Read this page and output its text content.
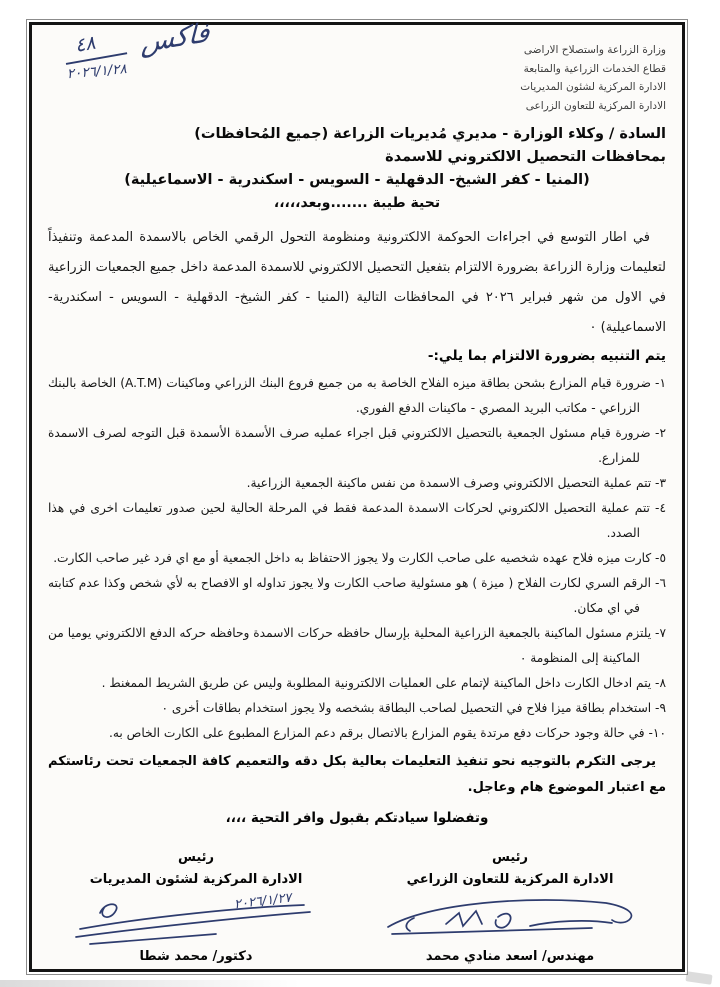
فاكس
$\frac{٤٨}{٢٠٢٦/١/٢٨}$	وزارة الزراعة واستصلاح الاراضى
قطاع الخدمات الزراعية والمتابعة
الادارة المركزية لشئون المديريات
الادارة المركزية للتعاون الزراعى
السادة / وكلاء الوزارة - مديري مُديريات الزراعة (جميع المُحافظات)
بمحافظات التحصيل الالكتروني للاسمدة
(المنيا - كفر الشيخ- الدقهلية - السويس - اسكندرية - الاسماعيلية)
تحية طيبة .......وبعد،،،،،
في اطار التوسع في اجراءات الحوكمة الالكترونية ومنظومة التحول الرقمي الخاص بالاسمدة المدعمة وتنفيذاً لتعليمات وزارة الزراعة بضرورة الالتزام بتفعيل التحصيل الالكتروني للاسمدة المدعمة داخل جميع الجمعيات الزراعية في الاول من شهر فبراير ٢٠٢٦ في المحافظات التالية (المنيا - كفر الشيخ- الدقهلية - السويس - اسكندرية- الاسماعيلية) ٠
يتم التنبيه بضرورة الالتزام بما يلي:-
١- ضرورة قيام المزارع بشحن بطاقة ميزه الفلاح الخاصة به من جميع فروع البنك الزراعي وماكينات (A.T.M) الخاصة بالبنك الزراعي - مكاتب البريد المصري - ماكينات الدفع الفوري.
٢- ضرورة قيام مسئول الجمعية بالتحصيل الالكتروني قبل اجراء عمليه صرف الأسمدة الأسمدة قبل التوجه لصرف الاسمدة للمزارع.
٣- تتم عملية التحصيل الالكتروني وصرف الاسمدة من نفس ماكينة الجمعية الزراعية.
٤- تتم عملية التحصيل الالكتروني لحركات الاسمدة المدعمة فقط في المرحلة الحالية لحين صدور تعليمات اخرى في هذا الصدد.
٥- كارت ميزه فلاح عهده شخصيه على صاحب الكارت ولا يجوز الاحتفاظ به داخل الجمعية أو مع اي فرد غير صاحب الكارت.
٦- الرقم السري لكارت الفلاح ( ميزة ) هو مسئولية صاحب الكارت ولا يجوز تداوله او الافصاح به لأي شخص وكذا عدم كتابته في اي مكان.
٧- يلتزم مسئول الماكينة بالجمعية الزراعية المحلية بإرسال حافظه حركات الاسمدة وحافظه حركه الدفع الالكتروني يوميا من الماكينة إلى المنظومة ٠
٨- يتم ادخال الكارت داخل الماكينة لإتمام على العمليات الالكترونية المطلوبة وليس عن طريق الشريط الممغنط .
٩- استخدام بطاقة ميزا فلاح في التحصيل لصاحب البطاقة بشخصه ولا يجوز استخدام بطاقات أخرى ٠
١٠- في حالة وجود حركات دفع مرتدة يقوم المزارع بالاتصال برقم دعم المزارع المطبوع على الكارت الخاص به.
يرجى التكرم بالتوجيه نحو تنفيذ التعليمات بعالية بكل دقه والتعميم كافة الجمعيات تحت رئاستكم مع اعتبار الموضوع هام وعاجل.
وتفضلوا سيادتكم بقبول وافر التحية ،،،،
رئيس
الادارة المركزية للتعاون الزراعي
مهندس/ اسعد منادي محمد
رئيس
الادارة المركزية لشئون المديريات
٢٠٢٦/١/٢٧
دكتور/ محمد شطا
